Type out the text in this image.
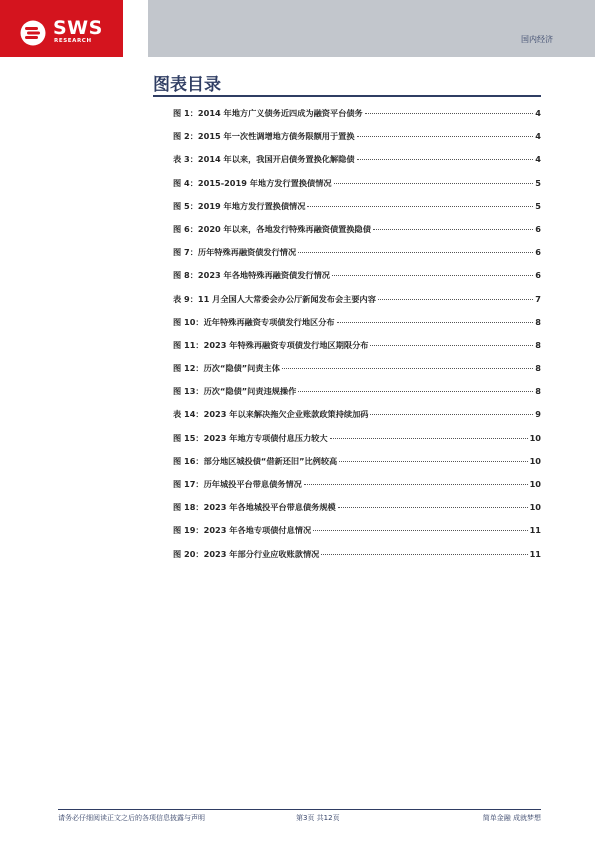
SWS
RESEARCH	国内经济
图表目录
图 1：2014 年地方广义债务近四成为融资平台债务	4
图 2：2015 年一次性调增地方债务限额用于置换	4
表 3：2014 年以来，我国开启债务置换化解隐债	4
图 4：2015-2019 年地方发行置换债情况	5
图 5：2019 年地方发行置换债情况	5
图 6：2020 年以来，各地发行特殊再融资债置换隐债	6
图 7：历年特殊再融资债发行情况	6
图 8：2023 年各地特殊再融资债发行情况	6
表 9：11 月全国人大常委会办公厅新闻发布会主要内容	7
图 10：近年特殊再融资专项债发行地区分布	8
图 11：2023 年特殊再融资专项债发行地区期限分布	8
图 12：历次“隐债”问责主体	8
图 13：历次“隐债”问责违规操作	8
表 14：2023 年以来解决拖欠企业账款政策持续加码	9
图 15：2023 年地方专项债付息压力较大	10
图 16：部分地区城投债“借新还旧”比例较高	10
图 17：历年城投平台带息债务情况	10
图 18：2023 年各地城投平台带息债务规模	10
图 19：2023 年各地专项债付息情况	11
图 20：2023 年部分行业应收账款情况	11
请务必仔细阅读正文之后的各项信息披露与声明	第3页 共12页	简单金融 成就梦想
